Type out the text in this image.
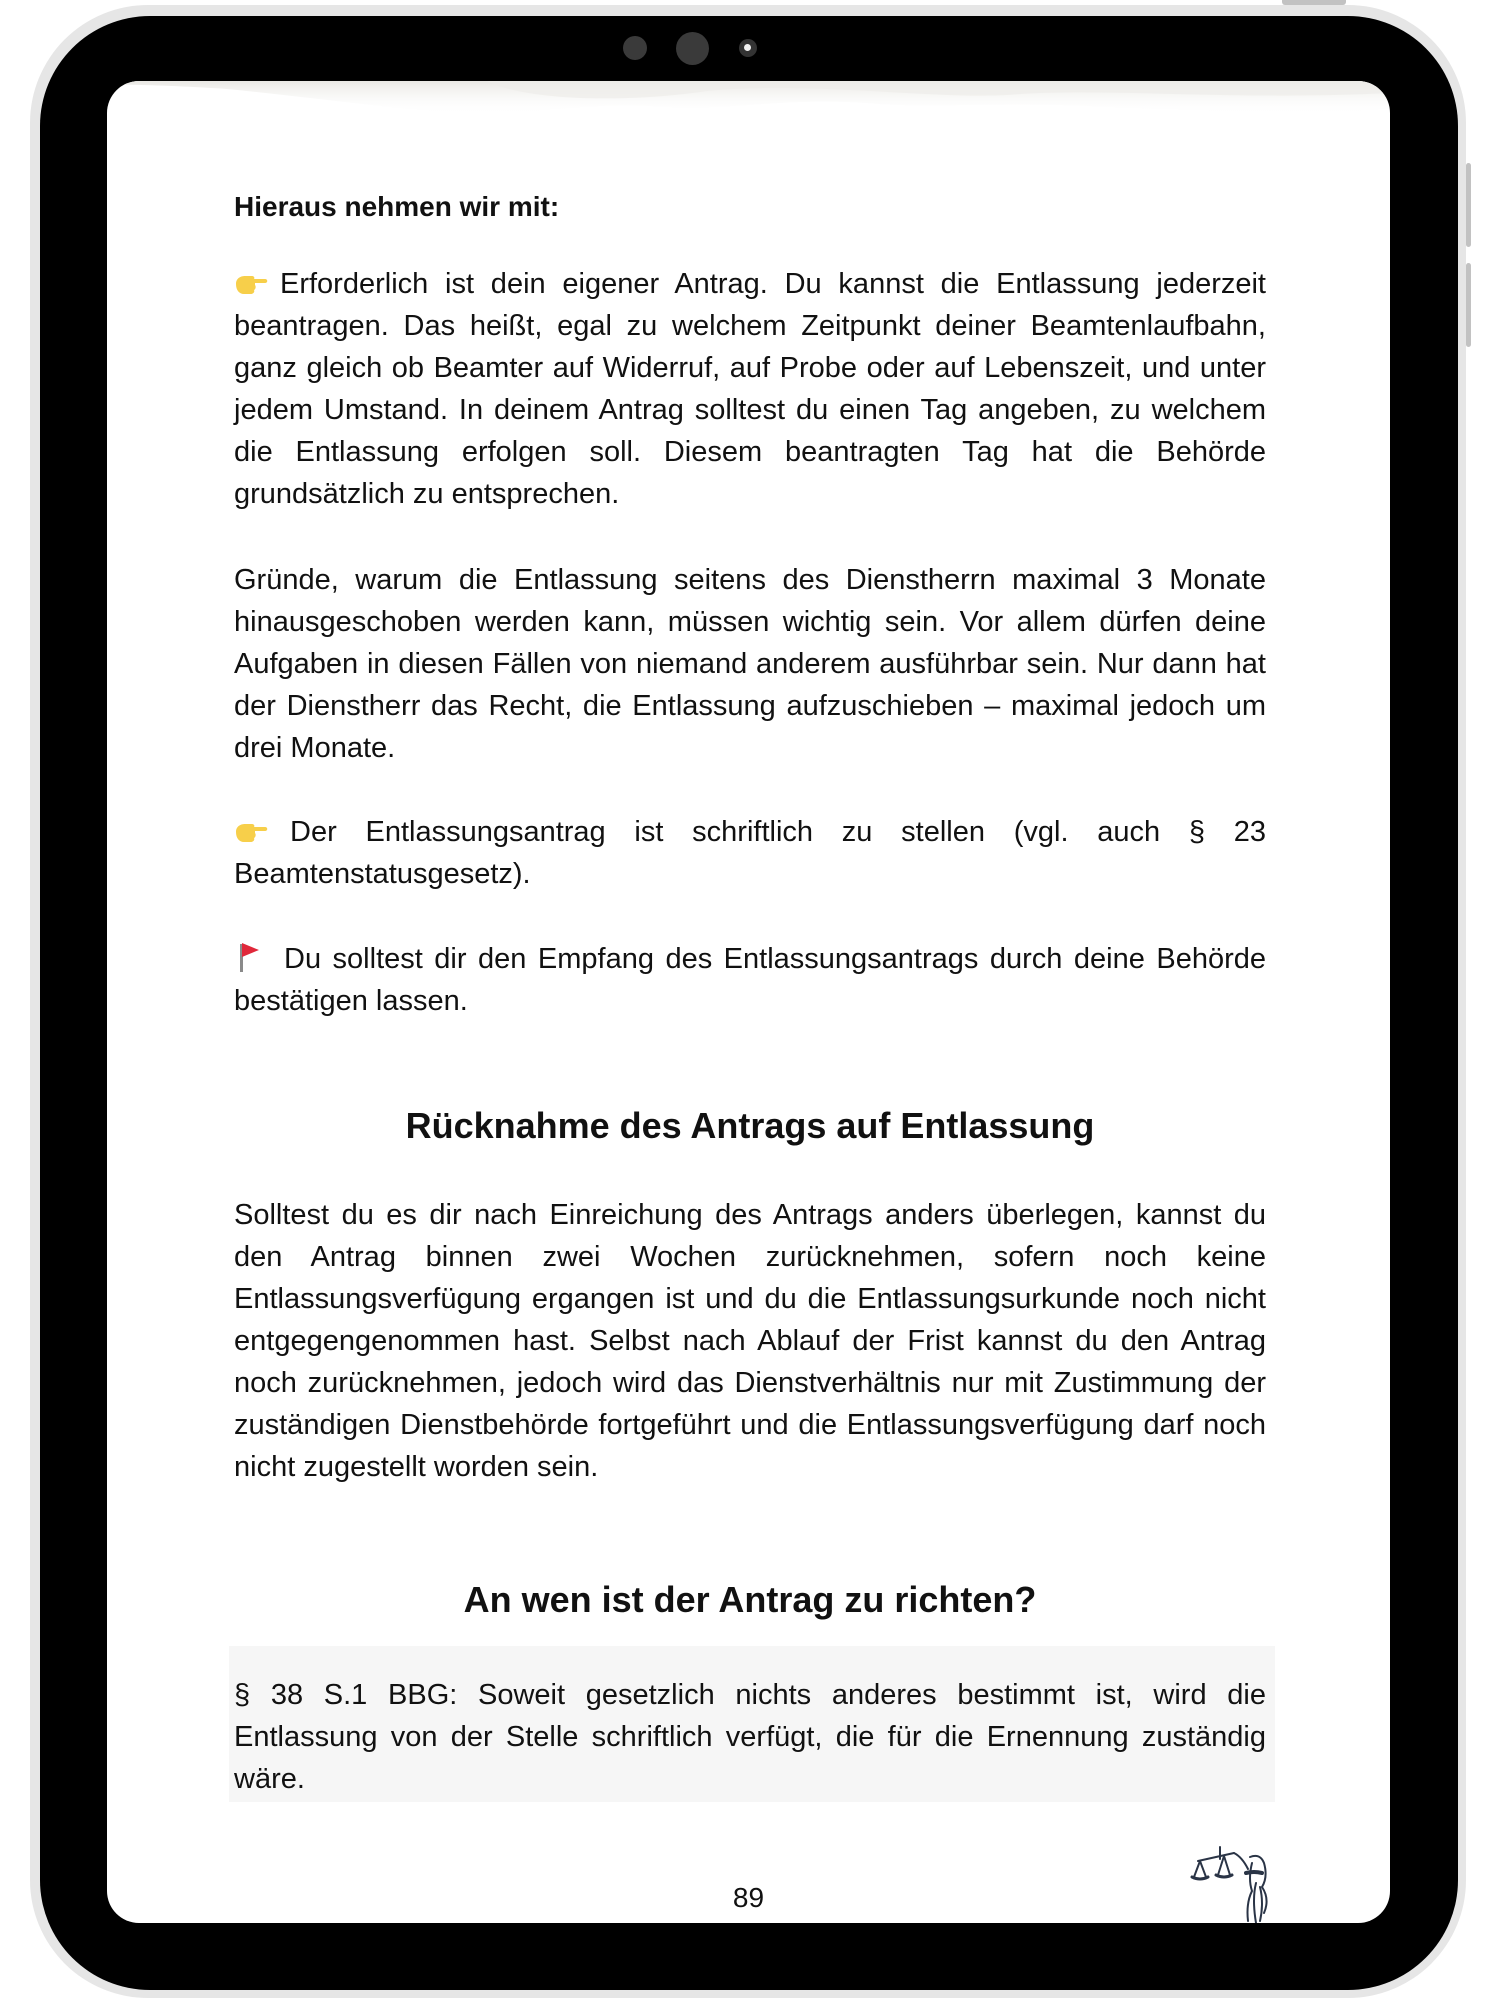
Hieraus nehmen wir mit:

Erforderlich ist dein eigener Antrag. Du kannst die Entlassung jederzeit beantragen. Das heißt, egal zu welchem Zeitpunkt deiner Beamtenlaufbahn, ganz gleich ob Beamter auf Widerruf, auf Probe oder auf Lebenszeit, und unter jedem Umstand. In deinem Antrag solltest du einen Tag angeben, zu welchem die Entlassung erfolgen soll. Diesem beantragten Tag hat die Behörde grundsätzlich zu entsprechen.

Gründe, warum die Entlassung seitens des Dienstherrn maximal 3 Monate hinausgeschoben werden kann, müssen wichtig sein. Vor allem dürfen deine Aufgaben in diesen Fällen von niemand anderem ausführbar sein. Nur dann hat der Dienstherr das Recht, die Entlassung aufzuschieben – maximal jedoch um drei Monate.

Der Entlassungsantrag ist schriftlich zu stellen (vgl. auch § 23 Beamtenstatusgesetz).

Du solltest dir den Empfang des Entlassungsantrags durch deine Behörde bestätigen lassen.

Rücknahme des Antrags auf Entlassung

Solltest du es dir nach Einreichung des Antrags anders überlegen, kannst du den Antrag binnen zwei Wochen zurücknehmen, sofern noch keine Entlassungsverfügung ergangen ist und du die Entlassungsurkunde noch nicht entgegengenommen hast. Selbst nach Ablauf der Frist kannst du den Antrag noch zurücknehmen, jedoch wird das Dienstverhältnis nur mit Zustimmung der zuständigen Dienstbehörde fortgeführt und die Entlassungsverfügung darf noch nicht zugestellt worden sein.

An wen ist der Antrag zu richten?

§ 38 S.1 BBG: Soweit gesetzlich nichts anderes bestimmt ist, wird die Entlassung von der Stelle schriftlich verfügt, die für die Ernennung zuständig wäre.

89
